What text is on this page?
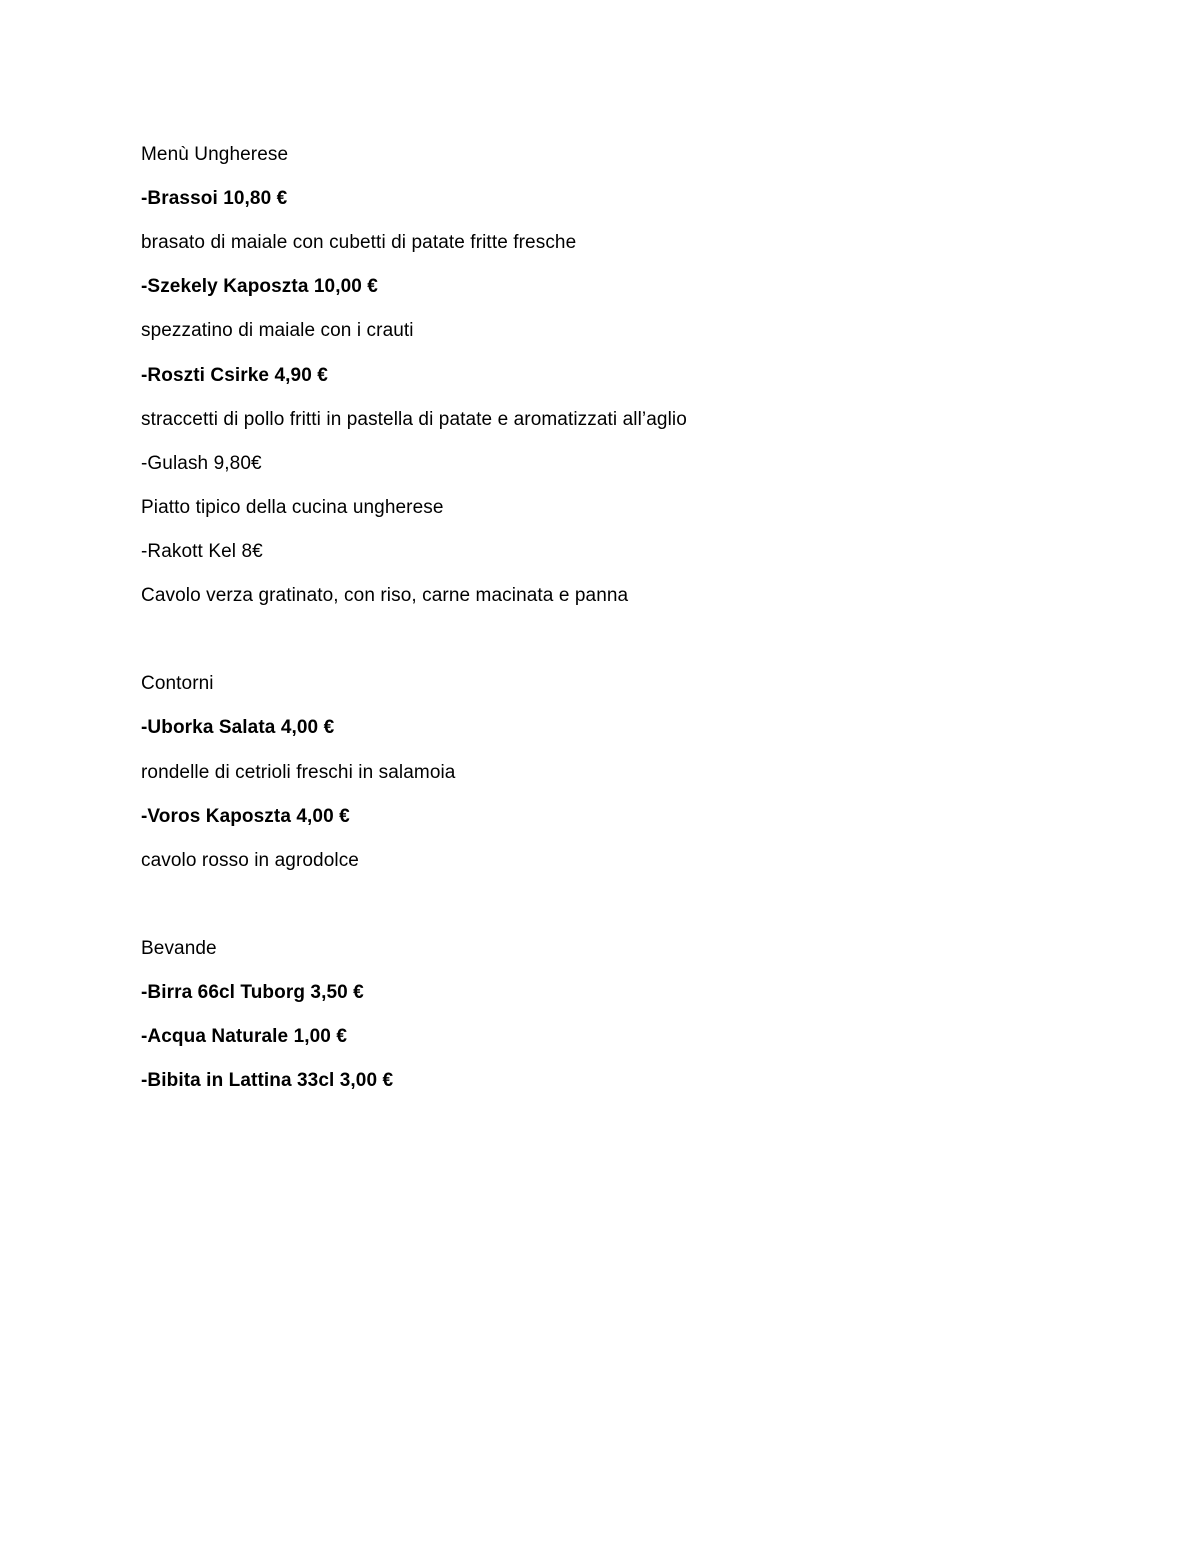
Menù Ungherese
-Brassoi 10,80 €
brasato di maiale con cubetti di patate fritte fresche
-Szekely Kaposzta 10,00 €
spezzatino di maiale con i crauti
-Roszti Csirke 4,90 €
straccetti di pollo fritti in pastella di patate e aromatizzati all’aglio
-Gulash 9,80€
Piatto tipico della cucina ungherese
-Rakott Kel 8€
Cavolo verza gratinato, con riso, carne macinata e panna
Contorni
-Uborka Salata 4,00 €
rondelle di cetrioli freschi in salamoia
-Voros Kaposzta 4,00 €
cavolo rosso in agrodolce
Bevande
-Birra 66cl Tuborg 3,50 €
-Acqua Naturale 1,00 €
-Bibita in Lattina 33cl 3,00 €
